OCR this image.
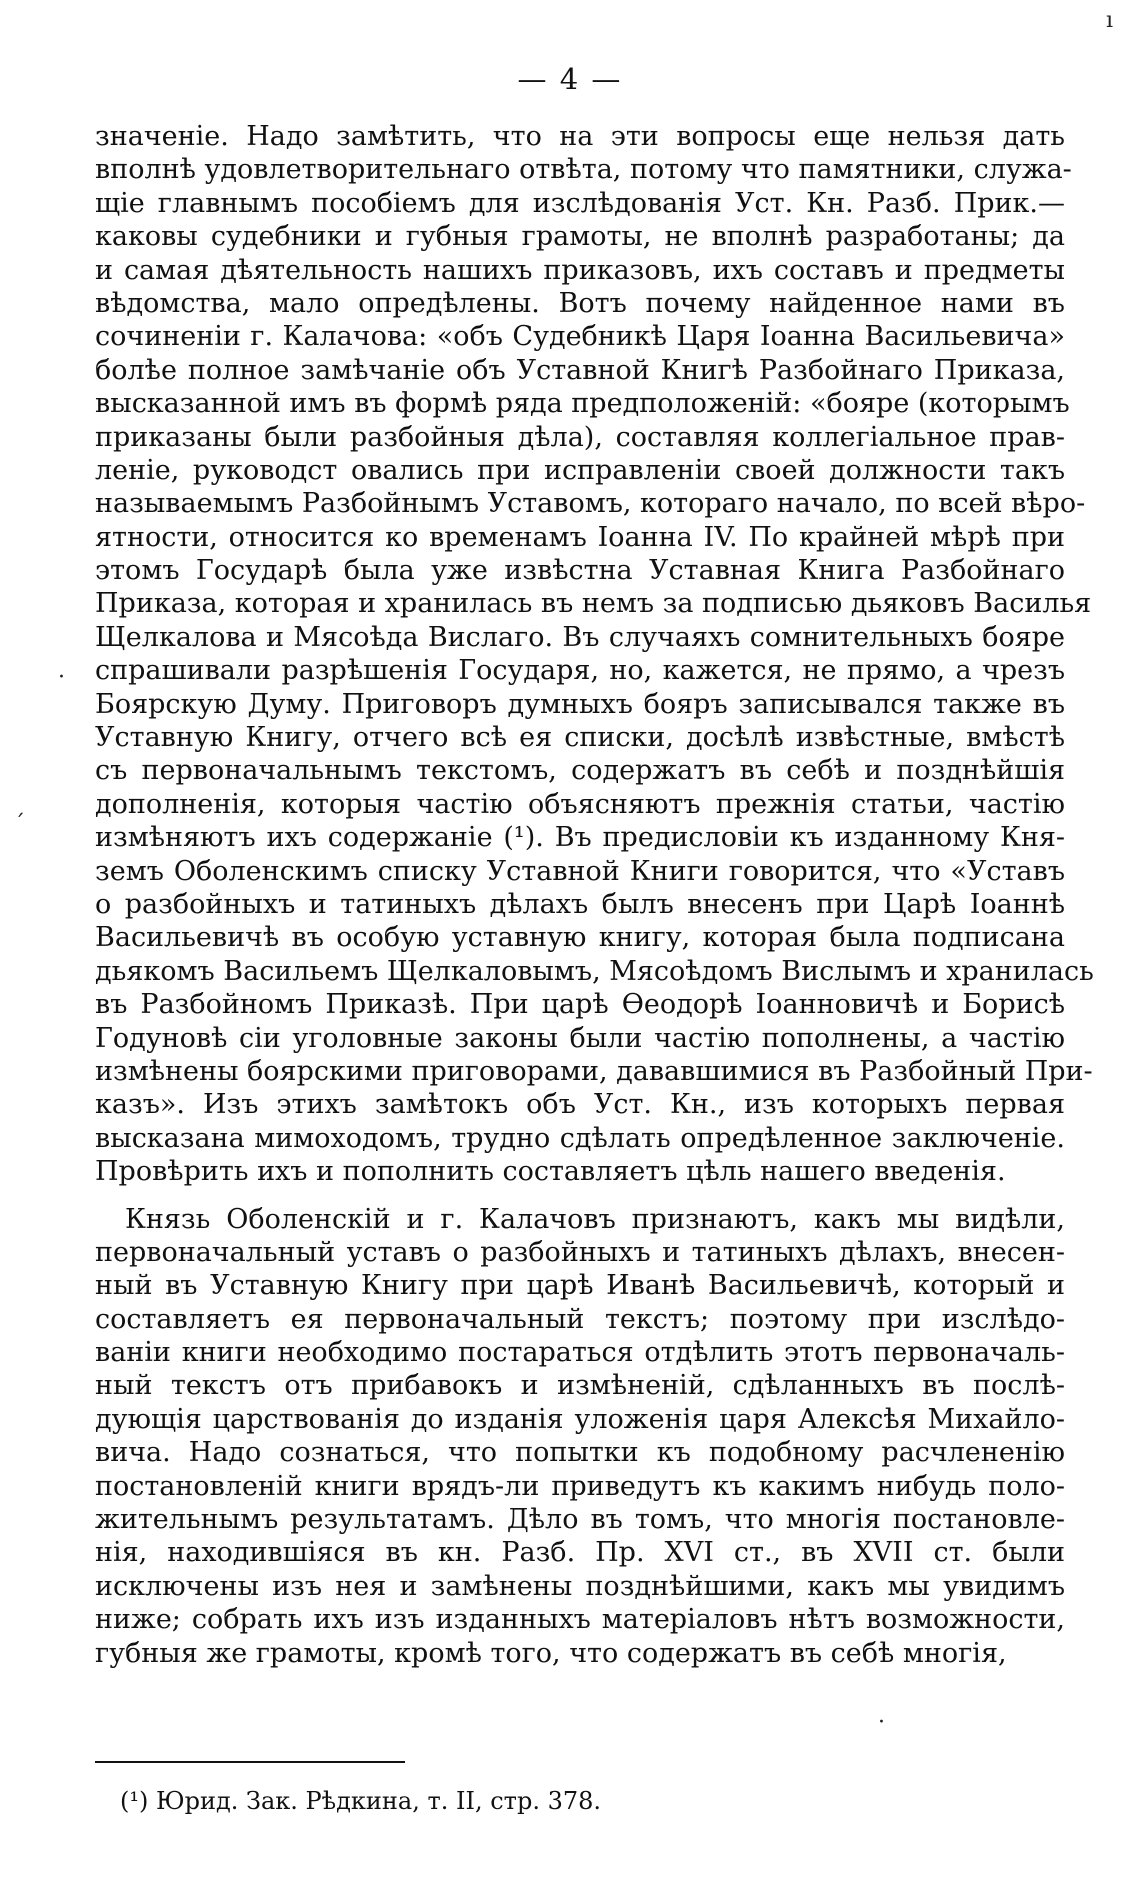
— 4 —
значеніе. Надо замѣтить, что на эти вопросы еще нельзя дать
вполнѣ удовлетворительнаго отвѣта, потому что памятники, служа-
щіе главнымъ пособіемъ для изслѣдованія Уст. Кн. Разб. Прик.—
каковы судебники и губныя грамоты, не вполнѣ разработаны; да
и самая дѣятельность нашихъ приказовъ, ихъ составъ и предметы
вѣдомства, мало опредѣлены. Вотъ почему найденное нами въ
сочиненіи г. Калачова: «объ Судебникѣ Царя Іоанна Васильевича»
болѣе полное замѣчаніе объ Уставной Книгѣ Разбойнаго Приказа,
высказанной имъ въ формѣ ряда предположеній: «бояре (которымъ
приказаны были разбойныя дѣла), составляя коллегіальное прав-
леніе, руководст овались при исправленіи своей должности такъ
называемымъ Разбойнымъ Уставомъ, котораго начало, по всей вѣро-
ятности, относится ко временамъ Іоанна IV. По крайней мѣрѣ при
этомъ Государѣ была уже извѣстна Уставная Книга Разбойнаго
Приказа, которая и хранилась въ немъ за подписью дьяковъ Василья
Щелкалова и Мясоѣда Вислаго. Въ случаяхъ сомнительныхъ бояре
спрашивали разрѣшенія Государя, но, кажется, не прямо, а чрезъ
Боярскую Думу. Приговоръ думныхъ бояръ записывался также въ
Уставную Книгу, отчего всѣ ея списки, досѣлѣ извѣстные, вмѣстѣ
съ первоначальнымъ текстомъ, содержатъ въ себѣ и позднѣйшія
дополненія, которыя частію объясняютъ прежнія статьи, частію
измѣняютъ ихъ содержаніе (¹). Въ предисловіи къ изданному Кня-
земъ Оболенскимъ списку Уставной Книги говорится, что «Уставъ
о разбойныхъ и татиныхъ дѣлахъ былъ внесенъ при Царѣ Іоаннѣ
Васильевичѣ въ особую уставную книгу, которая была подписана
дьякомъ Васильемъ Щелкаловымъ, Мясоѣдомъ Вислымъ и хранилась
въ Разбойномъ Приказѣ. При царѣ Ѳеодорѣ Іоанновичѣ и Борисѣ
Годуновѣ сіи уголовные законы были частію пополнены, а частію
измѣнены боярскими приговорами, дававшимися въ Разбойный При-
казъ». Изъ этихъ замѣтокъ объ Уст. Кн., изъ которыхъ первая
высказана мимоходомъ, трудно сдѣлать опредѣленное заключеніе.
Провѣрить ихъ и пополнить составляетъ цѣль нашего введенія.
Князь Оболенскій и г. Калачовъ признаютъ, какъ мы видѣли,
первоначальный уставъ о разбойныхъ и татиныхъ дѣлахъ, внесен-
ный въ Уставную Книгу при царѣ Иванѣ Васильевичѣ, который и
составляетъ ея первоначальный текстъ; поэтому при изслѣдо-
ваніи книги необходимо постараться отдѣлить этотъ первоначаль-
ный текстъ отъ прибавокъ и измѣненій, сдѣланныхъ въ послѣ-
дующія царствованія до изданія уложенія царя Алексѣя Михайло-
вича. Надо сознаться, что попытки къ подобному расчлененію
постановленій книги врядъ-ли приведутъ къ какимъ нибудь поло-
жительнымъ результатамъ. Дѣло въ томъ, что многія постановле-
нія, находившіяся въ кн. Разб. Пр. XVI ст., въ XVII ст. были
исключены изъ нея и замѣнены позднѣйшими, какъ мы увидимъ
ниже; собрать ихъ изъ изданныхъ матеріаловъ нѣтъ возможности,
губныя же грамоты, кромѣ того, что содержатъ въ себѣ многія,
(¹) Юрид. Зак. Рѣдкина, т. II, стр. 378.
ı
·
ˊ
·
